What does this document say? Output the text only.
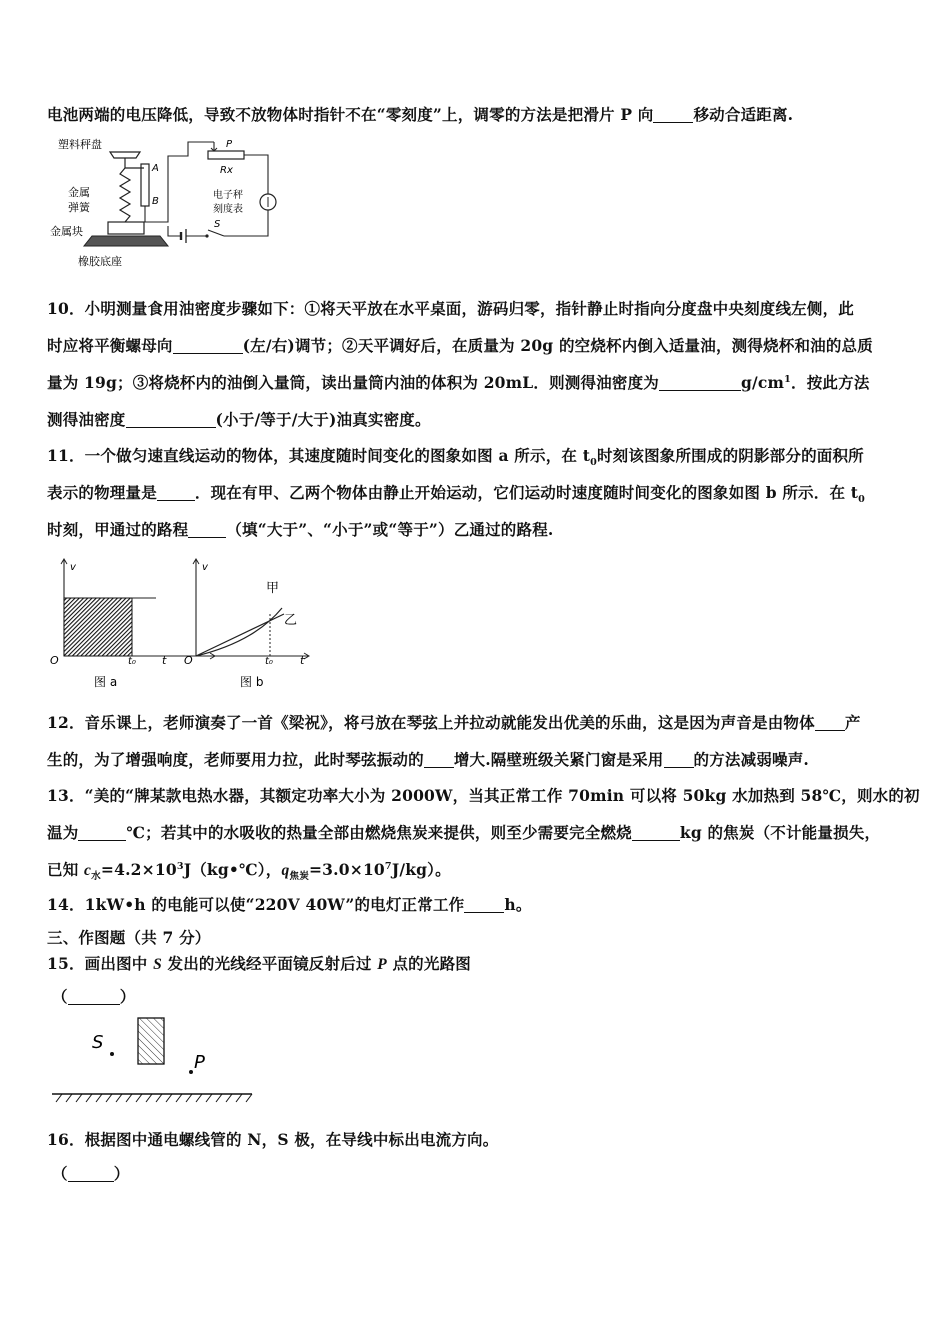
电池两端的电压降低，导致不放物体时指针不在“零刻度”上，调零的方法是把滑片 P 向	移动合适距离.
塑料秤盘
金属
弹簧
金属块
橡胶底座
A
B
P
Rx
电子秤
刻度表
S
10．小明测量食用油密度步骤如下：①将天平放在水平桌面，游码归零，指针静止时指向分度盘中央刻度线左侧，此
时应将平衡螺母向	(左/右)调节；②天平调好后，在质量为 20g 的空烧杯内倒入适量油，测得烧杯和油的总质
量为 19g；③将烧杯内的油倒入量筒，读出量筒内油的体积为 20mL．则测得油密度为	$g/cm^1$．按此方法
测得油密度	(小于/等于/大于)油真实密度。
11．一个做匀速直线运动的物体，其速度随时间变化的图象如图 a 所示，在 $t_0$时刻该图象所围成的阴影部分的面积所
表示的物理量是 ．现在有甲、乙两个物体由静止开始运动，它们运动时速度随时间变化的图象如图 b 所示．在 $t_0$
时刻，甲通过的路程 （填“大于”、“小于”或“等于”）乙通过的路程.
v
t
O	t₀
图 a
v
t
O	t₀
甲
乙
图 b
12．音乐课上，老师演奏了一首《梁祝》，将弓放在琴弦上并拉动就能发出优美的乐曲，这是因为声音是由物体 产
生的，为了增强响度，老师要用力拉，此时琴弦振动的 增大.隔壁班级关紧门窗是采用 的方法减弱噪声.
13．“美的“牌某款电热水器，其额定功率大小为 2000W，当其正常工作 70min 可以将 50kg 水加热到 58℃，则水的初
温为	℃；若其中的水吸收的热量全部由燃烧焦炭来提供，则至少需要完全燃烧	kg 的焦炭（不计能量损失，
已知 $c_水=4.2\times 10^3J(kg•℃)$，$q_{焦炭}=3.0\times 10^7J/kg$）。
14．1kW•h 的电能可以使“220V 40W”的电灯正常工作	h。
三、作图题（共 7 分）
15．画出图中 S 发出的光线经平面镜反射后过 P 点的光路图
（	）
S
P
16．根据图中通电螺线管的 N，S 极，在导线中标出电流方向。
（	）
